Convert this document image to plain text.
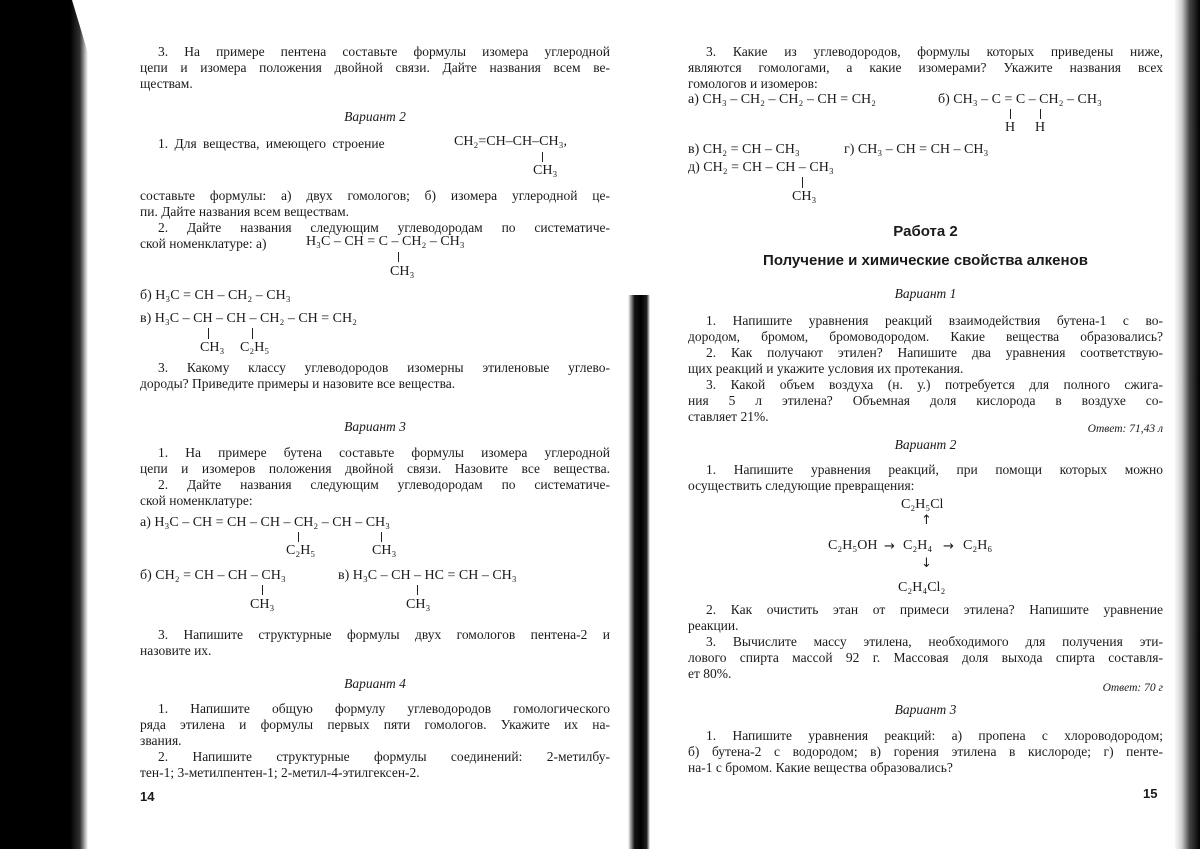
3. На примере пентена составьте формулы изомера углеродной
цепи и изомера положения двойной связи. Дайте названия всем ве-
ществам.
Вариант 2
1. Для вещества, имеющего строение	CH₂=CH–CH–CH₃,
CH₃
составьте формулы: а) двух гомологов; б) изомера углеродной це-
пи. Дайте названия всем веществам.
2. Дайте названия следующим углеводородам по систематиче-
ской номенклатуре: а)	H₃C – CH = C – CH₂ – CH₃
CH₃
б) H₃C = CH – CH₂ – CH₃
в) H₃C – CH – CH – CH₂ – CH = CH₂
CH₃ C₂H₅
3. Какому классу углеводородов изомерны этиленовые углево-
дороды? Приведите примеры и назовите все вещества.
Вариант 3
1. На примере бутена составьте формулы изомера углеродной
цепи и изомеров положения двойной связи. Назовите все вещества.
2. Дайте названия следующим углеводородам по систематиче-
ской номенклатуре:
а) H₃C – CH = CH – CH – CH₂ – CH – CH₃
C₂H₅	CH₃
б) CH₂ = CH – CH – CH₃
CH₃
в) H₃C – CH – HC = CH – CH₃
CH₃
3. Напишите структурные формулы двух гомологов пентена-2 и
назовите их.
Вариант 4
1. Напишите общую формулу углеводородов гомологического
ряда этилена и формулы первых пяти гомологов. Укажите их на-
звания.
2. Напишите структурные формулы соединений: 2-метилбу-
тен-1; 3-метилпентен-1; 2-метил-4-этилгексен-2.
14
3. Какие из углеводородов, формулы которых приведены ниже,
являются гомологами, а какие изомерами? Укажите названия всех
гомологов и изомеров:
а) CH₃ – CH₂ – CH₂ – CH = CH₂	б) CH₃ – C = C – CH₂ – CH₃
H H
в) CH₂ = CH – CH₃	г) CH₃ – CH = CH – CH₃
д) CH₂ = CH – CH – CH₃
CH₃
Работа 2
Получение и химические свойства алкенов
Вариант 1
1. Напишите уравнения реакций взаимодействия бутена-1 с во-
дородом, бромом, бромоводородом. Какие вещества образовались?
2. Как получают этилен? Напишите два уравнения соответствую-
щих реакций и укажите условия их протекания.
3. Какой объем воздуха (н. у.) потребуется для полного сжига-
ния 5 л этилена? Объемная доля кислорода в воздухе со-
ставляет 21%.
Ответ: 71,43 л
Вариант 2
1. Напишите уравнения реакций, при помощи которых можно
осуществить следующие превращения:
C₂H₅Cl
↑
C₂H₅OH → C₂H₄ → C₂H₆
↓
C₂H₄Cl₂
2. Как очистить этан от примеси этилена? Напишите уравнение
реакции.
3. Вычислите массу этилена, необходимого для получения эти-
лового спирта массой 92 г. Массовая доля выхода спирта составля-
ет 80%.
Ответ: 70 г
Вариант 3
1. Напишите уравнения реакций: а) пропена с хлороводородом;
б) бутена-2 с водородом; в) горения этилена в кислороде; г) пенте-
на-1 с бромом. Какие вещества образовались?
15
